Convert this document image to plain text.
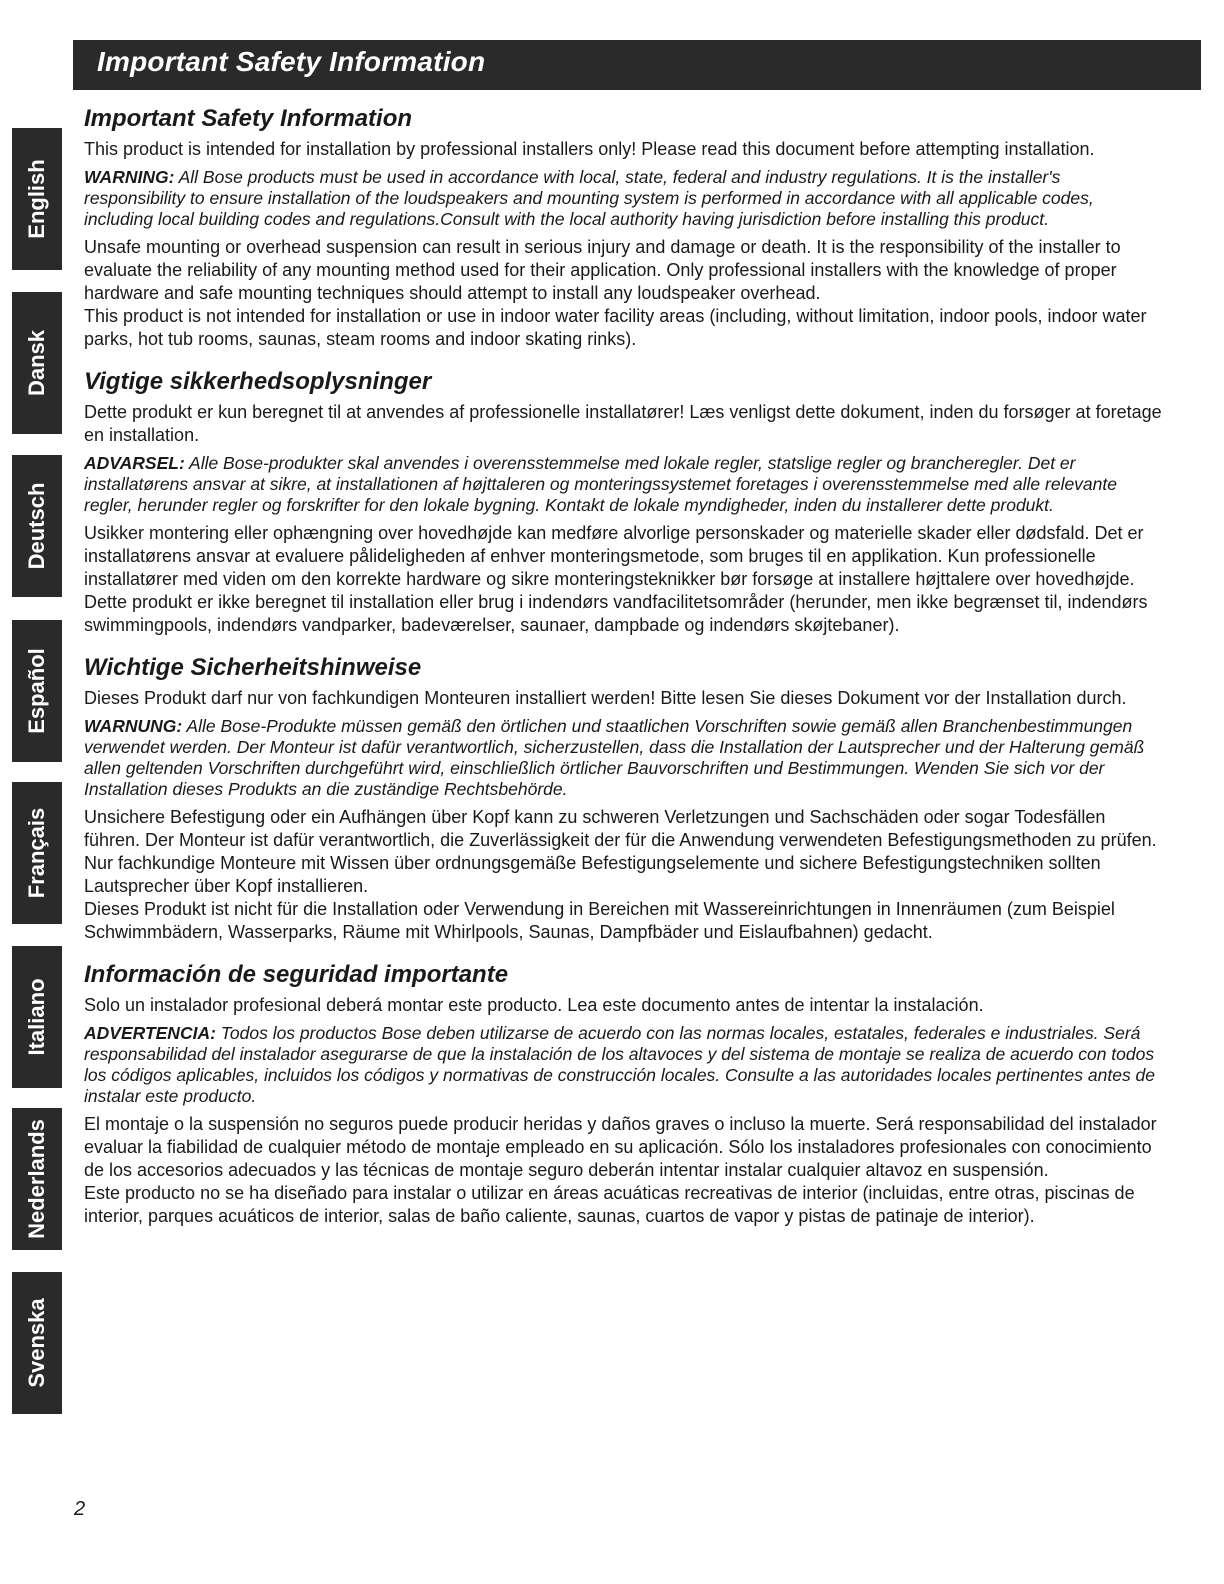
Important Safety Information
English
Dansk
Deutsch
Español
Français
Italiano
Nederlands
Svenska
Important Safety Information

This product is intended for installation by professional installers only! Please read this document before attempting installation.

WARNING: All Bose products must be used in accordance with local, state, federal and industry regulations. It is the installer's responsibility to ensure installation of the loudspeakers and mounting system is performed in accordance with all applicable codes, including local building codes and regulations.Consult with the local authority having jurisdiction before installing this product.

Unsafe mounting or overhead suspension can result in serious injury and damage or death. It is the responsibility of the installer to evaluate the reliability of any mounting method used for their application. Only professional installers with the knowledge of proper hardware and safe mounting techniques should attempt to install any loudspeaker overhead.

This product is not intended for installation or use in indoor water facility areas (including, without limitation, indoor pools, indoor water parks, hot tub rooms, saunas, steam rooms and indoor skating rinks).

Vigtige sikkerhedsoplysninger

Dette produkt er kun beregnet til at anvendes af professionelle installatører! Læs venligst dette dokument, inden du forsøger at foretage en installation.

ADVARSEL: Alle Bose-produkter skal anvendes i overensstemmelse med lokale regler, statslige regler og brancheregler. Det er installatørens ansvar at sikre, at installationen af højttaleren og monteringssystemet foretages i overensstemmelse med alle relevante regler, herunder regler og forskrifter for den lokale bygning. Kontakt de lokale myndigheder, inden du installerer dette produkt.

Usikker montering eller ophængning over hovedhøjde kan medføre alvorlige personskader og materielle skader eller dødsfald. Det er installatørens ansvar at evaluere pålideligheden af enhver monteringsmetode, som bruges til en applikation. Kun professionelle installatører med viden om den korrekte hardware og sikre monteringsteknikker bør forsøge at installere højttalere over hovedhøjde.

Dette produkt er ikke beregnet til installation eller brug i indendørs vandfacilitetsområder (herunder, men ikke begrænset til, indendørs swimmingpools, indendørs vandparker, badeværelser, saunaer, dampbade og indendørs skøjtebaner).

Wichtige Sicherheitshinweise

Dieses Produkt darf nur von fachkundigen Monteuren installiert werden! Bitte lesen Sie dieses Dokument vor der Installation durch.

WARNUNG: Alle Bose-Produkte müssen gemäß den örtlichen und staatlichen Vorschriften sowie gemäß allen Branchenbestimmungen verwendet werden. Der Monteur ist dafür verantwortlich, sicherzustellen, dass die Installation der Lautsprecher und der Halterung gemäß allen geltenden Vorschriften durchgeführt wird, einschließlich örtlicher Bauvorschriften und Bestimmungen. Wenden Sie sich vor der Installation dieses Produkts an die zuständige Rechtsbehörde.

Unsichere Befestigung oder ein Aufhängen über Kopf kann zu schweren Verletzungen und Sachschäden oder sogar Todesfällen führen. Der Monteur ist dafür verantwortlich, die Zuverlässigkeit der für die Anwendung verwendeten Befestigungsmethoden zu prüfen. Nur fachkundige Monteure mit Wissen über ordnungsgemäße Befestigungselemente und sichere Befestigungstechniken sollten Lautsprecher über Kopf installieren.

Dieses Produkt ist nicht für die Installation oder Verwendung in Bereichen mit Wassereinrichtungen in Innenräumen (zum Beispiel Schwimmbädern, Wasserparks, Räume mit Whirlpools, Saunas, Dampfbäder und Eislaufbahnen) gedacht.

Información de seguridad importante

Solo un instalador profesional deberá montar este producto. Lea este documento antes de intentar la instalación.

ADVERTENCIA: Todos los productos Bose deben utilizarse de acuerdo con las normas locales, estatales, federales e industriales. Será responsabilidad del instalador asegurarse de que la instalación de los altavoces y del sistema de montaje se realiza de acuerdo con todos los códigos aplicables, incluidos los códigos y normativas de construcción locales. Consulte a las autoridades locales pertinentes antes de instalar este producto.

El montaje o la suspensión no seguros puede producir heridas y daños graves o incluso la muerte. Será responsabilidad del instalador evaluar la fiabilidad de cualquier método de montaje empleado en su aplicación. Sólo los instaladores profesionales con conocimiento de los accesorios adecuados y las técnicas de montaje seguro deberán intentar instalar cualquier altavoz en suspensión.

Este producto no se ha diseñado para instalar o utilizar en áreas acuáticas recreativas de interior (incluidas, entre otras, piscinas de interior, parques acuáticos de interior, salas de baño caliente, saunas, cuartos de vapor y pistas de patinaje de interior).

2
